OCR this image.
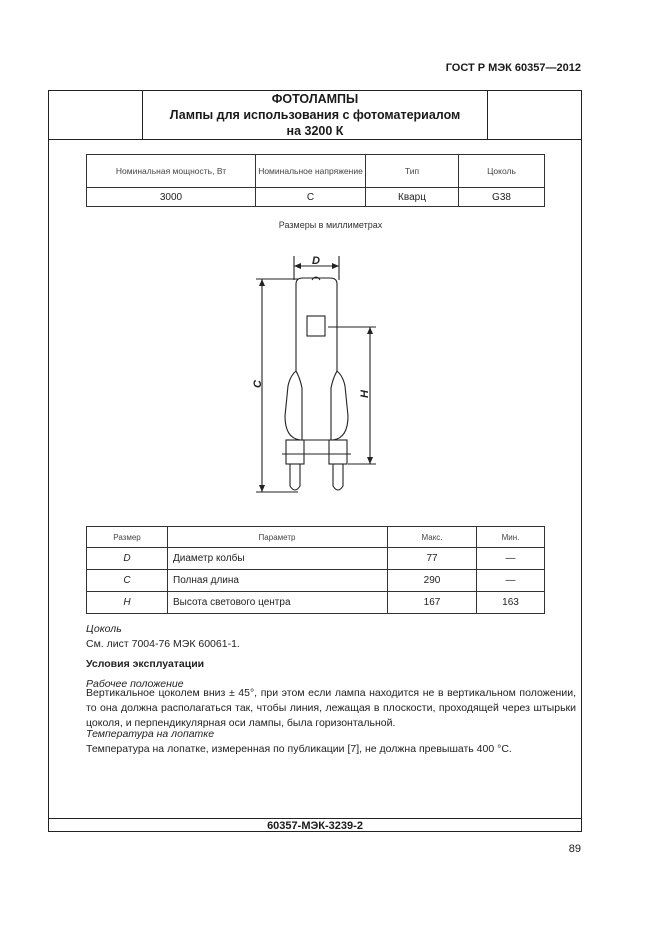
ГОСТ Р МЭК 60357—2012
ФОТОЛАМПЫ
Лампы для использования с фотоматериалом
на 3200 К
Номинальная мощность, Вт	Номинальное напряжение	Тип	Цоколь
3000	C	Кварц	G38
Размеры в миллиметрах
D
C
H
Размер	Параметр	Макс.	Мин.
D	Диаметр колбы	77	—
C	Полная длина	290	—
H	Высота светового центра	167	163
Цоколь
См. лист 7004-76 МЭК 60061-1.
Условия эксплуатации
Рабочее положение
Вертикальное цоколем вниз ± 45°, при этом если лампа находится не в вертикальном положении, то она должна располагаться так, чтобы линия, лежащая в плоскости, проходящей через штырьки цоколя, и перпендикулярная оси лампы, была горизонтальной.
Температура на лопатке
Температура на лопатке, измеренная по публикации [7], не должна превышать 400 °С.
60357-МЭК-3239-2
89
